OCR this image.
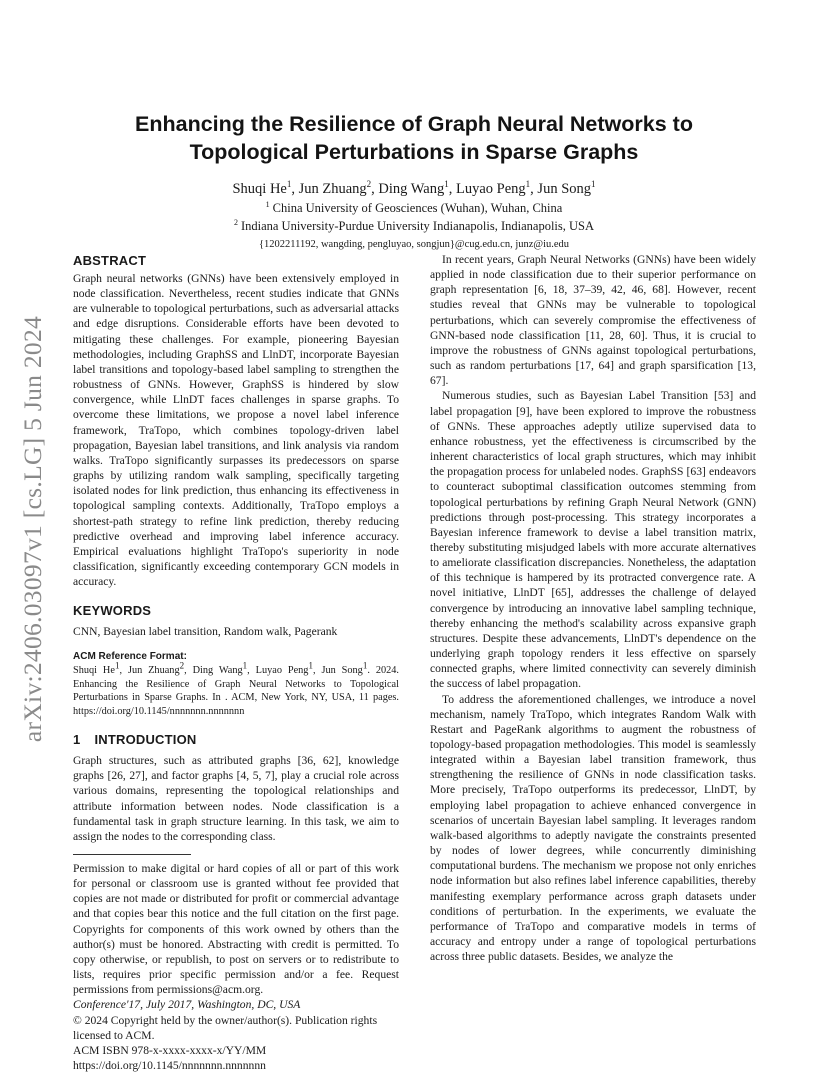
arXiv:2406.03097v1 [cs.LG] 5 Jun 2024
Enhancing the Resilience of Graph Neural Networks to
Topological Perturbations in Sparse Graphs
Shuqi He$^1$, Jun Zhuang$^2$, Ding Wang$^1$, Luyao Peng$^1$, Jun Song$^1$
$^1$ China University of Geosciences (Wuhan), Wuhan, China
$^2$ Indiana University-Purdue University Indianapolis, Indianapolis, USA
{1202211192, wangding, pengluyao, songjun}@cug.edu.cn, junz@iu.edu
ABSTRACT

Graph neural networks (GNNs) have been extensively employed in node classification. Nevertheless, recent studies indicate that GNNs are vulnerable to topological perturbations, such as adversarial attacks and edge disruptions. Considerable efforts have been devoted to mitigating these challenges. For example, pioneering Bayesian methodologies, including GraphSS and LlnDT, incorporate Bayesian label transitions and topology-based label sampling to strengthen the robustness of GNNs. However, GraphSS is hindered by slow convergence, while LlnDT faces challenges in sparse graphs. To overcome these limitations, we propose a novel label inference framework, TraTopo, which combines topology-driven label propagation, Bayesian label transitions, and link analysis via random walks. TraTopo significantly surpasses its predecessors on sparse graphs by utilizing random walk sampling, specifically targeting isolated nodes for link prediction, thus enhancing its effectiveness in topological sampling contexts. Additionally, TraTopo employs a shortest-path strategy to refine link prediction, thereby reducing predictive overhead and improving label inference accuracy. Empirical evaluations highlight TraTopo's superiority in node classification, significantly exceeding contemporary GCN models in accuracy.

KEYWORDS

CNN, Bayesian label transition, Random walk, Pagerank

ACM Reference Format:

Shuqi He$^1$, Jun Zhuang$^2$, Ding Wang$^1$, Luyao Peng$^1$, Jun Song$^1$. 2024. Enhancing the Resilience of Graph Neural Networks to Topological Perturbations in Sparse Graphs. In . ACM, New York, NY, USA, 11 pages. https://doi.org/10.1145/nnnnnnn.nnnnnnn

1 INTRODUCTION

Graph structures, such as attributed graphs [36, 62], knowledge graphs [26, 27], and factor graphs [4, 5, 7], play a crucial role across various domains, representing the topological relationships and attribute information between nodes. Node classification is a fundamental task in graph structure learning. In this task, we aim to assign the nodes to the corresponding class.

Permission to make digital or hard copies of all or part of this work for personal or classroom use is granted without fee provided that copies are not made or distributed for profit or commercial advantage and that copies bear this notice and the full citation on the first page. Copyrights for components of this work owned by others than the author(s) must be honored. Abstracting with credit is permitted. To copy otherwise, or republish, to post on servers or to redistribute to lists, requires prior specific permission and/or a fee. Request permissions from permissions@acm.org.

Conference'17, July 2017, Washington, DC, USA

© 2024 Copyright held by the owner/author(s). Publication rights licensed to ACM.

ACM ISBN 978-x-xxxx-xxxx-x/YY/MM

https://doi.org/10.1145/nnnnnnn.nnnnnnn

In recent years, Graph Neural Networks (GNNs) have been widely applied in node classification due to their superior performance on graph representation [6, 18, 37–39, 42, 46, 68]. However, recent studies reveal that GNNs may be vulnerable to topological perturbations, which can severely compromise the effectiveness of GNN-based node classification [11, 28, 60]. Thus, it is crucial to improve the robustness of GNNs against topological perturbations, such as random perturbations [17, 64] and graph sparsification [13, 67].

Numerous studies, such as Bayesian Label Transition [53] and label propagation [9], have been explored to improve the robustness of GNNs. These approaches adeptly utilize supervised data to enhance robustness, yet the effectiveness is circumscribed by the inherent characteristics of local graph structures, which may inhibit the propagation process for unlabeled nodes. GraphSS [63] endeavors to counteract suboptimal classification outcomes stemming from topological perturbations by refining Graph Neural Network (GNN) predictions through post-processing. This strategy incorporates a Bayesian inference framework to devise a label transition matrix, thereby substituting misjudged labels with more accurate alternatives to ameliorate classification discrepancies. Nonetheless, the adaptation of this technique is hampered by its protracted convergence rate. A novel initiative, LlnDT [65], addresses the challenge of delayed convergence by introducing an innovative label sampling technique, thereby enhancing the method's scalability across expansive graph structures. Despite these advancements, LlnDT's dependence on the underlying graph topology renders it less effective on sparsely connected graphs, where limited connectivity can severely diminish the success of label propagation.

To address the aforementioned challenges, we introduce a novel mechanism, namely TraTopo, which integrates Random Walk with Restart and PageRank algorithms to augment the robustness of topology-based propagation methodologies. This model is seamlessly integrated within a Bayesian label transition framework, thus strengthening the resilience of GNNs in node classification tasks. More precisely, TraTopo outperforms its predecessor, LlnDT, by employing label propagation to achieve enhanced convergence in scenarios of uncertain Bayesian label sampling. It leverages random walk-based algorithms to adeptly navigate the constraints presented by nodes of lower degrees, while concurrently diminishing computational burdens. The mechanism we propose not only enriches node information but also refines label inference capabilities, thereby manifesting exemplary performance across graph datasets under conditions of perturbation. In the experiments, we evaluate the performance of TraTopo and comparative models in terms of accuracy and entropy under a range of topological perturbations across three public datasets. Besides, we analyze the
